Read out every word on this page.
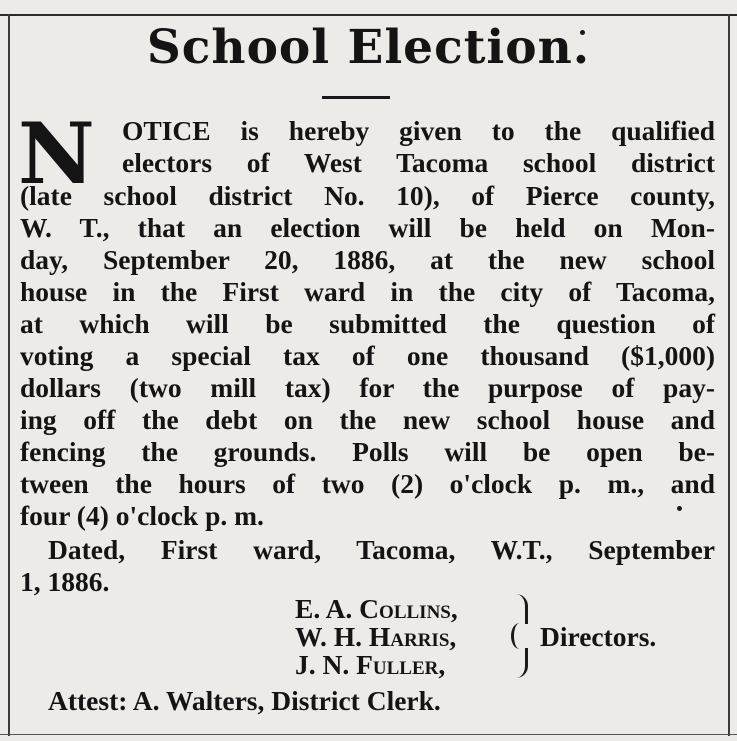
School Election.
N OTICE is hereby given to the qualified
electors of West Tacoma school district
(late school district No. 10), of Pierce county,
W. T., that an election will be held on Mon-
day, September 20, 1886, at the new school
house in the First ward in the city of Tacoma,
at which will be submitted the question of
voting a special tax of one thousand ($1,000)
dollars (two mill tax) for the purpose of pay-
ing off the debt on the new school house and
fencing the grounds. Polls will be open be-
tween the hours of two (2) o'clock p. m., and
four (4) o'clock p. m.
Dated, First ward, Tacoma, W.T., September
1, 1886.
E. A. Collins,
W. H. Harris,
J. N. Fuller,
Directors.
Attest: A. Walters, District Clerk.
